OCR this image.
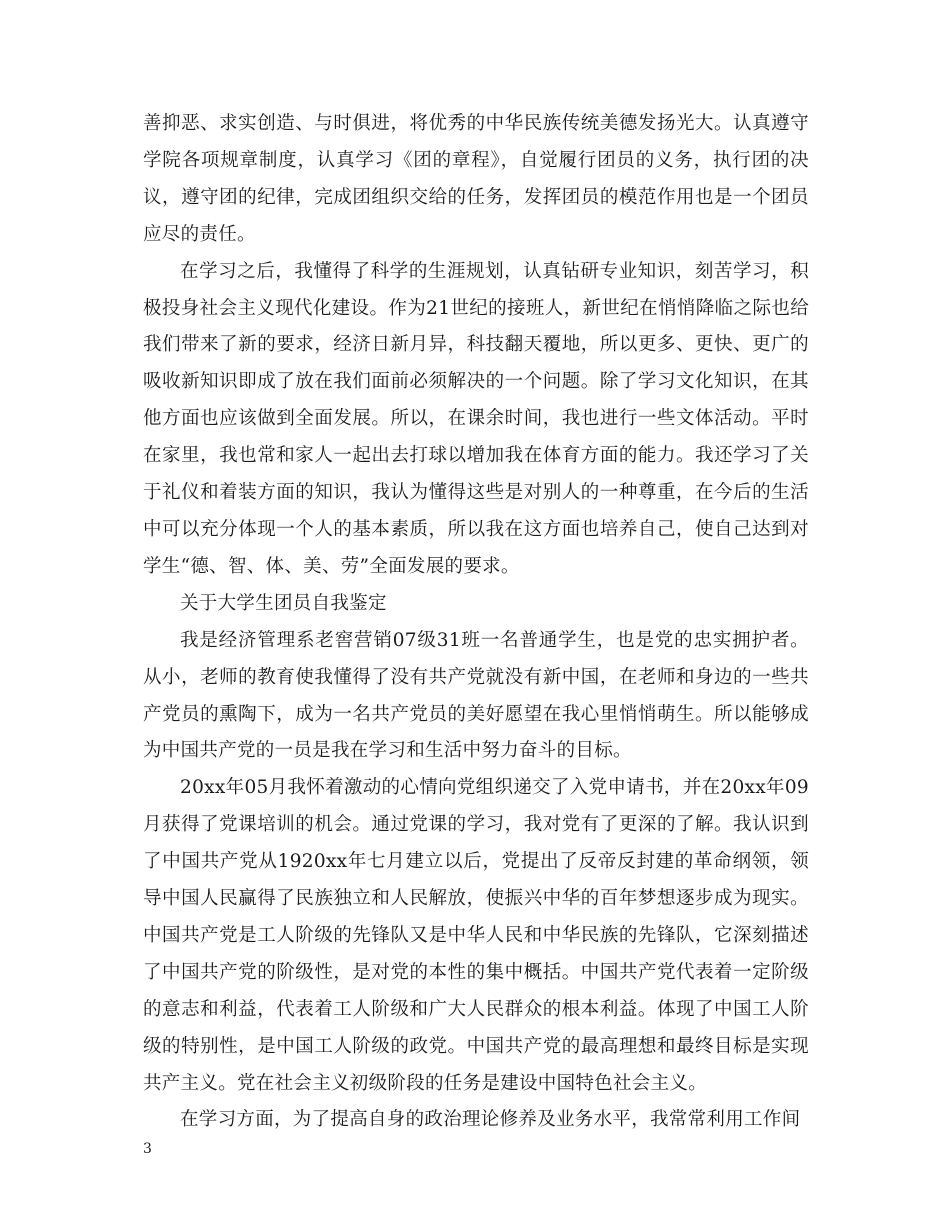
善抑恶、求实创造、与时俱进，将优秀的中华民族传统美德发扬光大。认真遵守学院各项规章制度，认真学习《团的章程》，自觉履行团员的义务，执行团的决议，遵守团的纪律，完成团组织交给的任务，发挥团员的模范作用也是一个团员应尽的责任。

在学习之后，我懂得了科学的生涯规划，认真钻研专业知识，刻苦学习，积极投身社会主义现代化建设。作为21世纪的接班人，新世纪在悄悄降临之际也给我们带来了新的要求，经济日新月异，科技翻天覆地，所以更多、更快、更广的吸收新知识即成了放在我们面前必须解决的一个问题。除了学习文化知识，在其他方面也应该做到全面发展。所以，在课余时间，我也进行一些文体活动。平时在家里，我也常和家人一起出去打球以增加我在体育方面的能力。我还学习了关于礼仪和着装方面的知识，我认为懂得这些是对别人的一种尊重，在今后的生活中可以充分体现一个人的基本素质，所以我在这方面也培养自己，使自己达到对学生“德、智、体、美、劳”全面发展的要求。

关于大学生团员自我鉴定

我是经济管理系老窖营销07级31班一名普通学生，也是党的忠实拥护者。从小，老师的教育使我懂得了没有共产党就没有新中国，在老师和身边的一些共产党员的熏陶下，成为一名共产党员的美好愿望在我心里悄悄萌生。所以能够成为中国共产党的一员是我在学习和生活中努力奋斗的目标。

20xx年05月我怀着激动的心情向党组织递交了入党申请书，并在20xx年09月获得了党课培训的机会。通过党课的学习，我对党有了更深的了解。我认识到了中国共产党从1920xx年七月建立以后，党提出了反帝反封建的革命纲领，领导中国人民赢得了民族独立和人民解放，使振兴中华的百年梦想逐步成为现实。中国共产党是工人阶级的先锋队又是中华人民和中华民族的先锋队，它深刻描述了中国共产党的阶级性，是对党的本性的集中概括。中国共产党代表着一定阶级的意志和利益，代表着工人阶级和广大人民群众的根本利益。体现了中国工人阶级的特别性，是中国工人阶级的政党。中国共产党的最高理想和最终目标是实现共产主义。党在社会主义初级阶段的任务是建设中国特色社会主义。

在学习方面，为了提高自身的政治理论修养及业务水平，我常常利用工作间

3
